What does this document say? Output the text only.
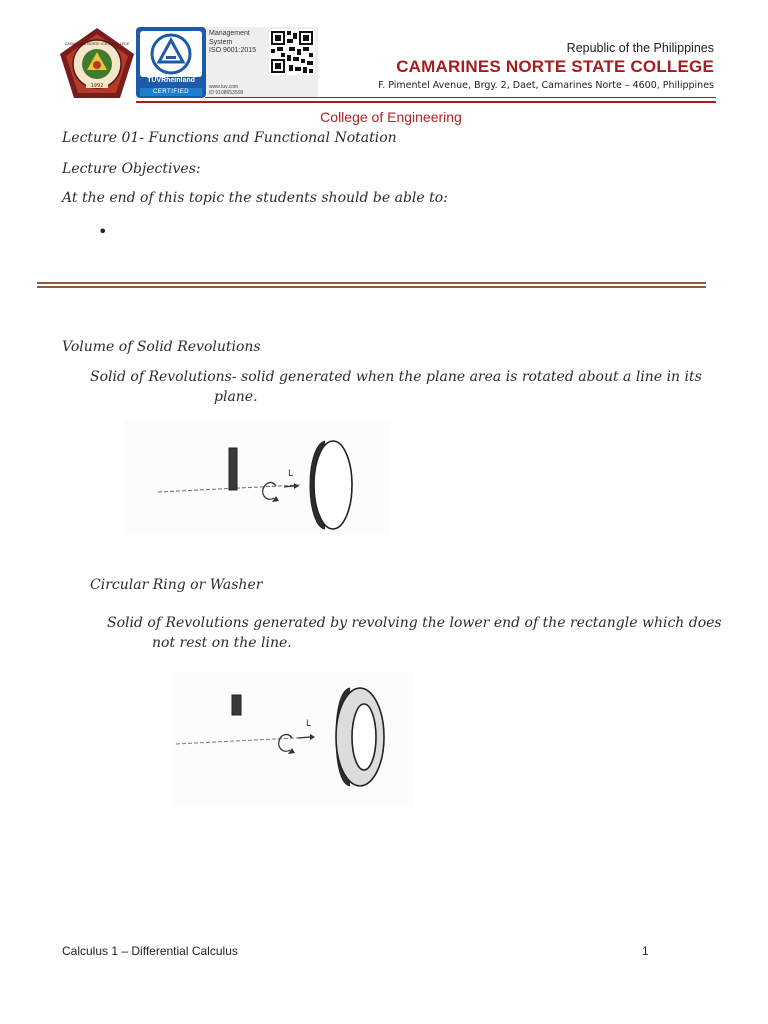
1992
CAMARINES NORTE STATE COLLEGE
TÜVRheinland
CERTIFIED
Management
System
ISO 9001:2015
www.tuv.com
ID 9108653508
Republic of the Philippines
CAMARINES NORTE STATE COLLEGE
F. Pimentel Avenue, Brgy. 2, Daet, Camarines Norte – 4600, Philippines
College of Engineering
Lecture 01- Functions and Functional Notation
Lecture Objectives:
At the end of this topic the students should be able to:
•
Volume of Solid Revolutions
Solid of Revolutions- solid generated when the plane area is rotated about a line in its
plane.
L
Circular Ring or Washer
Solid of Revolutions generated by revolving the lower end of the rectangle which does
not rest on the line.
L
Calculus 1 – Differential Calculus	1
